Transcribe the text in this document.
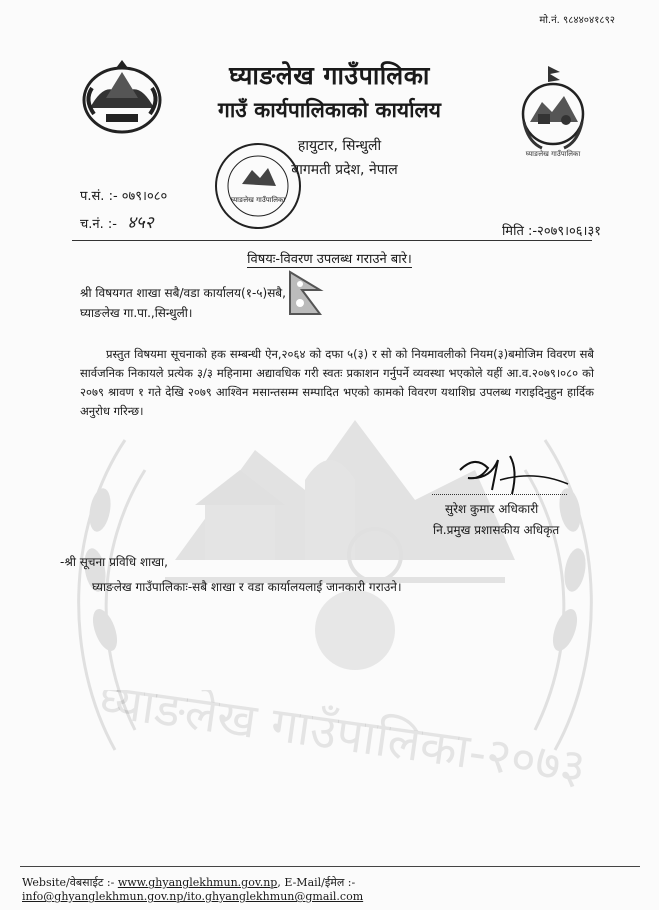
घ्याङलेख गाउँपालिका-२०७३
मो.नं. ९८४४०४१८९२
घ्याङलेख गाउँपालिका
घ्याङलेख गाउँपालिका
गाउँ कार्यपालिकाको कार्यालय
हायुटार, सिन्धुली
बागमती प्रदेश, नेपाल
घ्याङलेख गाउँपालिका
प.सं. :- ०७९।०८०
च.नं. :- ४५२	मिति :-२०७९।०६।३१
विषयः-विवरण उपलब्ध गराउने बारे।
श्री विषयगत शाखा सबै/वडा कार्यालय(१-५)सबै,
घ्याङलेख गा.पा.,सिन्धुली।
प्रस्तुत विषयमा सूचनाको हक सम्बन्धी ऐन,२०६४ को दफा ५(३) र सो को नियमावलीको नियम(३)बमोजिम विवरण सबै सार्वजनिक निकायले प्रत्येक ३/३ महिनामा अद्यावधिक गरी स्वतः प्रकाशन गर्नुपर्ने व्यवस्था भएकोले यहीं आ.व.२०७९।०८० को २०७९ श्रावण १ गते देखि २०७९ आश्विन मसान्तसम्म सम्पादित भएको कामको विवरण यथाशिघ्र उपलब्ध गराइदिनुहुन हार्दिक अनुरोध गरिन्छ।
सुरेश कुमार अधिकारी
नि.प्रमुख प्रशासकीय अधिकृत
-श्री सूचना प्रविधि शाखा,
घ्याङलेख गाउँपालिकाः-सबै शाखा र वडा कार्यालयलाई जानकारी गराउने।
Website/वेबसाईट :- www.ghyanglekhmun.gov.np, E-Mail/ईमेल :- info@ghyanglekhmun.gov.np/ito.ghyanglekhmun@gmail.com
